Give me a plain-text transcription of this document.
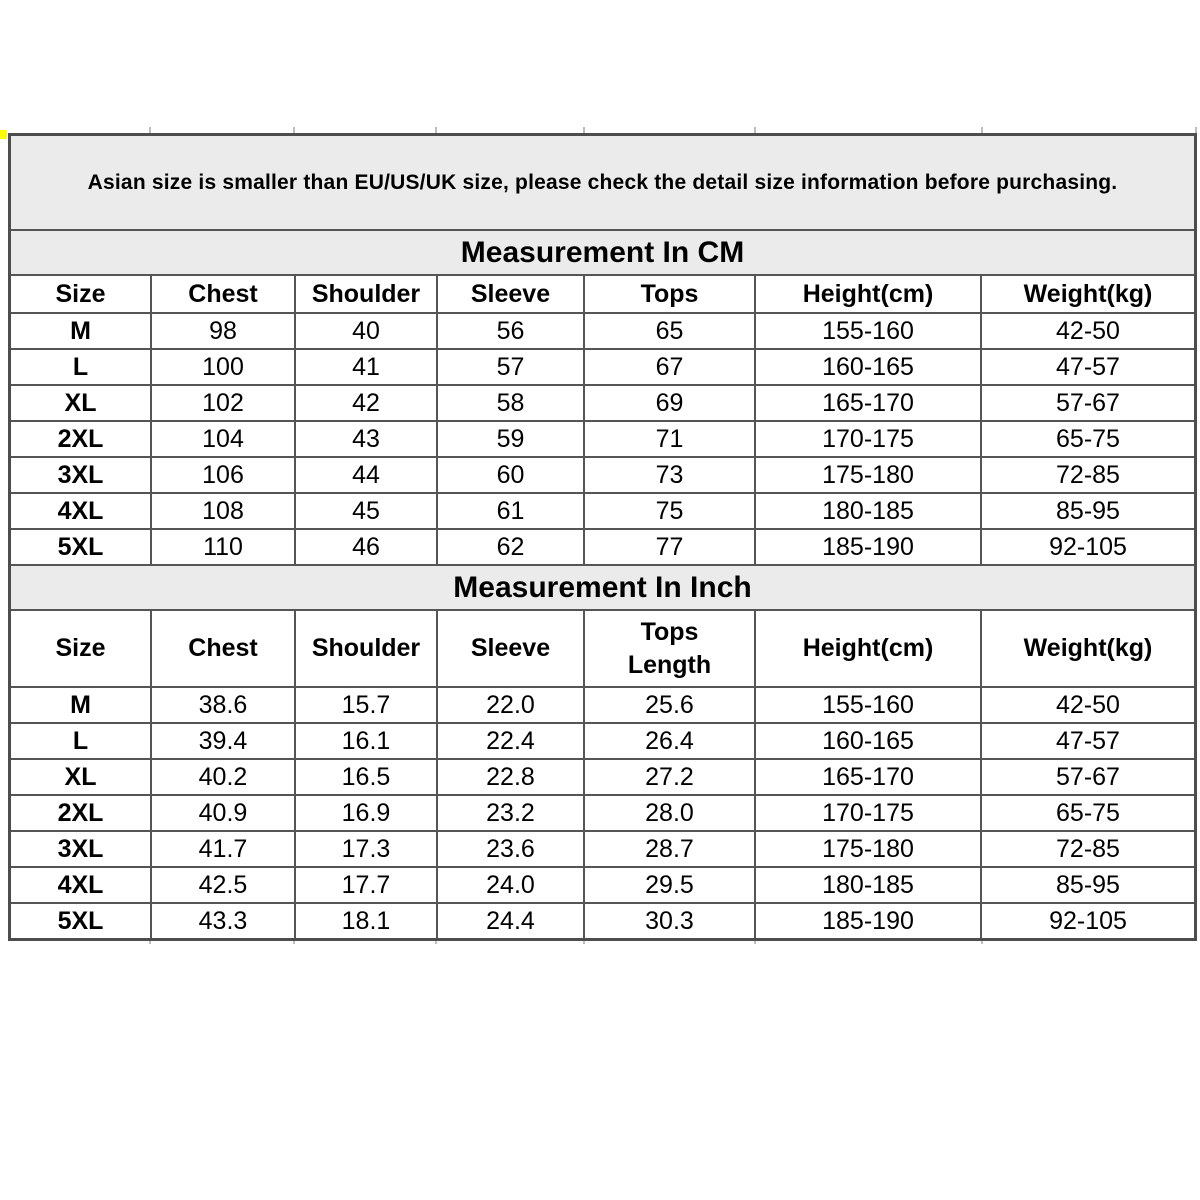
Asian size is smaller than EU/US/UK size, please check the detail size information before purchasing.
Measurement In CM
Size	Chest	Shoulder	Sleeve	Tops	Height(cm)	Weight(kg)
M	98	40	56	65	155-160	42-50
L	100	41	57	67	160-165	47-57
XL	102	42	58	69	165-170	57-67
2XL	104	43	59	71	170-175	65-75
3XL	106	44	60	73	175-180	72-85
4XL	108	45	61	75	180-185	85-95
5XL	110	46	62	77	185-190	92-105
Measurement In Inch
Size	Chest	Shoulder	Sleeve	Tops Length	Height(cm)	Weight(kg)
M	38.6	15.7	22.0	25.6	155-160	42-50
L	39.4	16.1	22.4	26.4	160-165	47-57
XL	40.2	16.5	22.8	27.2	165-170	57-67
2XL	40.9	16.9	23.2	28.0	170-175	65-75
3XL	41.7	17.3	23.6	28.7	175-180	72-85
4XL	42.5	17.7	24.0	29.5	180-185	85-95
5XL	43.3	18.1	24.4	30.3	185-190	92-105
